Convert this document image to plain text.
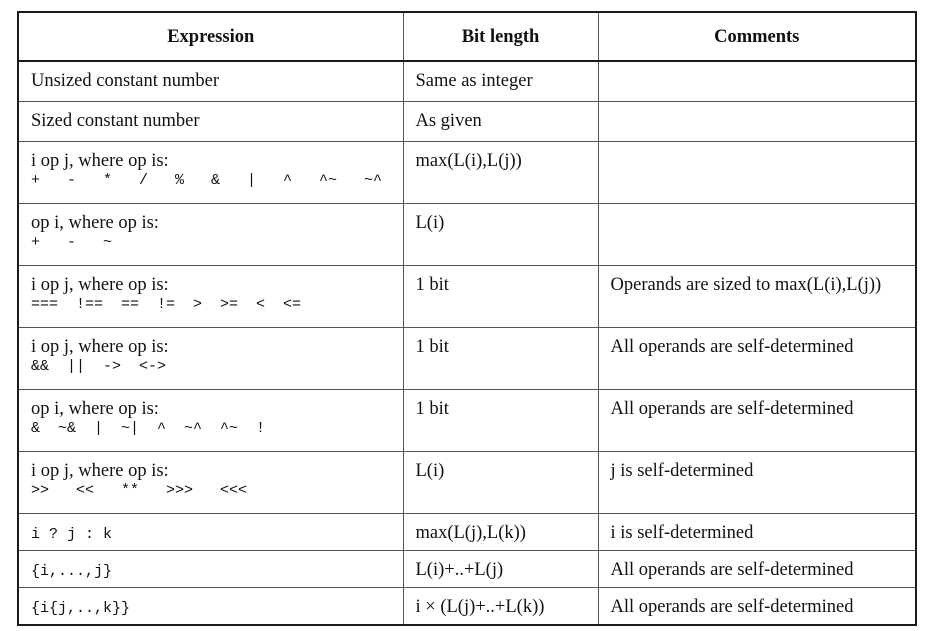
Expression	Bit length	Comments
Unsized constant number	Same as integer	
Sized constant number	As given	
i op j, where op is:
+   -   *   /   %   &   |   ^   ^~   ~^	max(L(i),L(j))	
op i, where op is:
+   -   ~	L(i)	
i op j, where op is:
===  !==  ==  !=  >  >=  <  <=	1 bit	Operands are sized to max(L(i),L(j))
i op j, where op is:
&&  ||  ->  <->	1 bit	All operands are self-determined
op i, where op is:
&  ~&  |  ~|  ^  ~^  ^~  !	1 bit	All operands are self-determined
i op j, where op is:
>>   <<   **   >>>   <<<	L(i)	j is self-determined
i ? j : k	max(L(j),L(k))	i is self-determined
{i,...,j}	L(i)+..+L(j)	All operands are self-determined
{i{j,..,k}}	i × (L(j)+..+L(k))	All operands are self-determined
